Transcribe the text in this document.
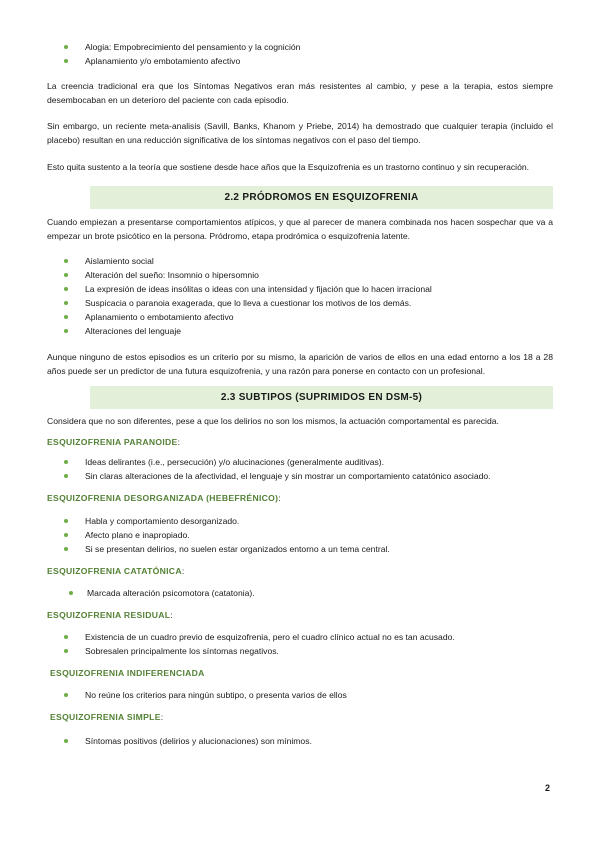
Alogia: Empobrecimiento del pensamiento y la cognición
Aplanamiento y/o embotamiento afectivo

La creencia tradicional era que los Síntomas Negativos eran más resistentes al cambio, y pese a la terapia, estos siempre desembocaban en un deterioro del paciente con cada episodio.

Sin embargo, un reciente meta-analisis (Savill, Banks, Khanom y Priebe, 2014) ha demostrado que cualquier terapia (incluido el placebo) resultan en una reducción significativa de los síntomas negativos con el paso del tiempo.

Esto quita sustento a la teoría que sostiene desde hace años que la Esquizofrenia es un trastorno continuo y sin recuperación.

2.2 PRÓDROMOS EN ESQUIZOFRENIA

Cuando empiezan a presentarse comportamientos atípicos, y que al parecer de manera combinada nos hacen sospechar que va a empezar un brote psicótico en la persona. Pródromo, etapa prodrómica o esquizofrenia latente.

Aislamiento social
Alteración del sueño: Insomnio o hipersomnio
La expresión de ideas insólitas o ideas con una intensidad y fijación que lo hacen irracional
Suspicacia o paranoia exagerada, que lo lleva a cuestionar los motivos de los demás.
Aplanamiento o embotamiento afectivo
Alteraciones del lenguaje

Aunque ninguno de estos episodios es un criterio por su mismo, la aparición de varios de ellos en una edad entorno a los 18 a 28 años puede ser un predictor de una futura esquizofrenia, y una razón para ponerse en contacto con un profesional.

2.3 SUBTIPOS (SUPRIMIDOS EN DSM-5)

Considera que no son diferentes, pese a que los delirios no son los mismos, la actuación comportamental es parecida.

ESQUIZOFRENIA PARANOIDE:
Ideas delirantes (i.e., persecución) y/o alucinaciones (generalmente auditivas).
Sin claras alteraciones de la afectividad, el lenguaje y sin mostrar un comportamiento catatónico asociado.
ESQUIZOFRENIA DESORGANIZADA (HEBEFRÉNICO):
Habla y comportamiento desorganizado.
Afecto plano e inapropiado.
Si se presentan delirios, no suelen estar organizados entorno a un tema central.
ESQUIZOFRENIA CATATÓNICA:
Marcada alteración psicomotora (catatonia).
ESQUIZOFRENIA RESIDUAL:
Existencia de un cuadro previo de esquizofrenia, pero el cuadro clínico actual no es tan acusado.
Sobresalen principalmente los síntomas negativos.
ESQUIZOFRENIA INDIFERENCIADA
No reúne los criterios para ningún subtipo, o presenta varios de ellos
ESQUIZOFRENIA SIMPLE:
Síntomas positivos (delirios y alucionaciones) son mínimos.
2
